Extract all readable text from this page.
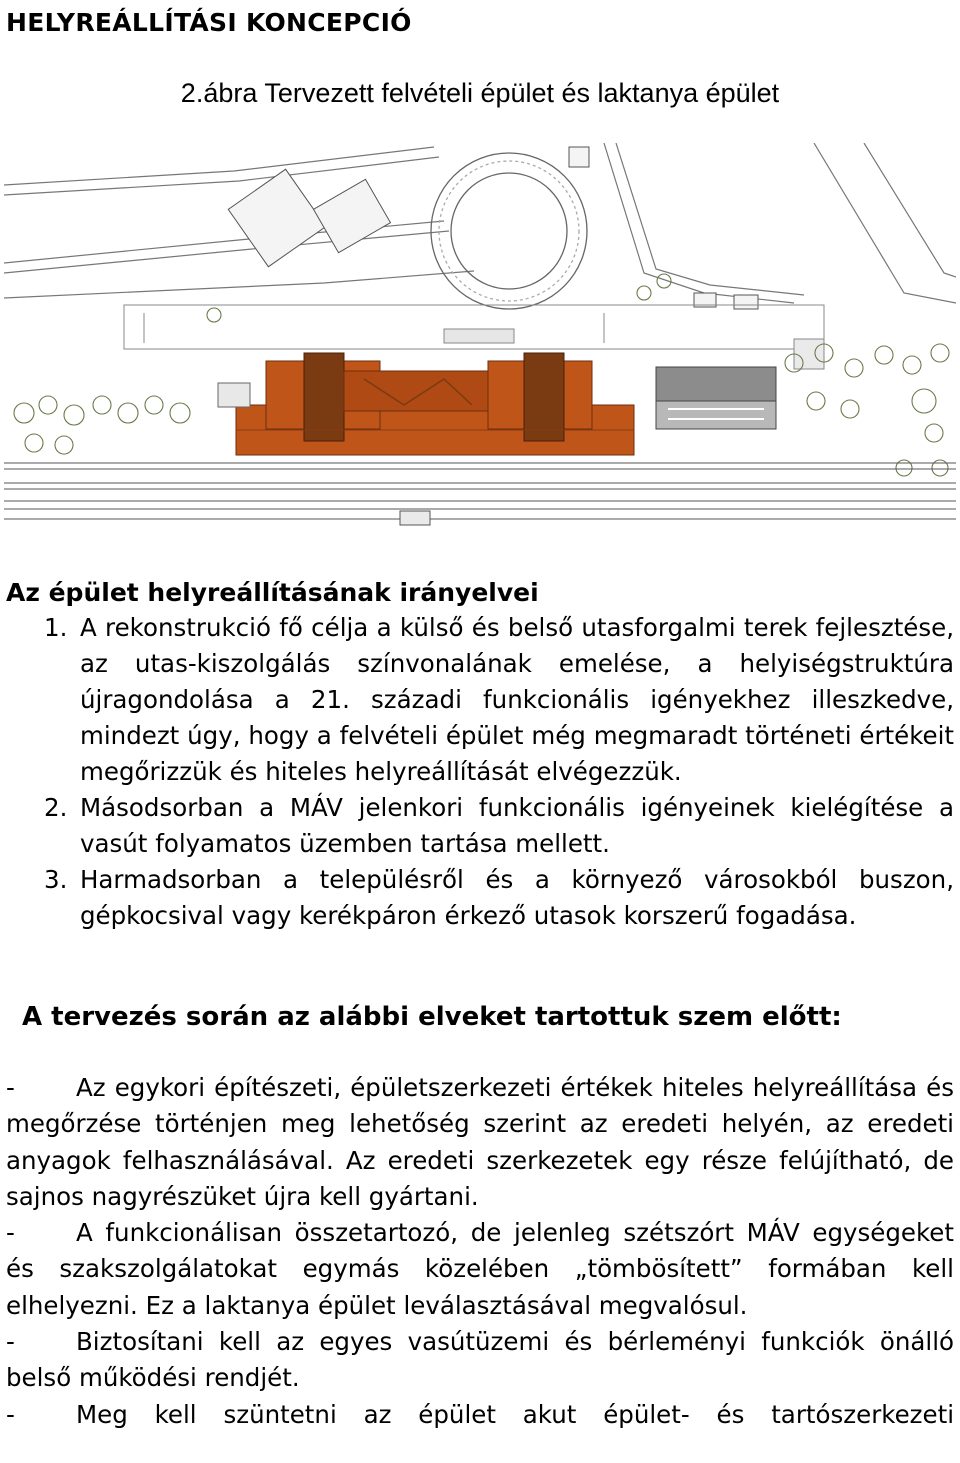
HELYREÁLLÍTÁSI KONCEPCIÓ
2.ábra Tervezett felvételi épület és laktanya épület
Az épület helyreállításának irányelvei
1. A rekonstrukció fő célja a külső és belső utasforgalmi terek fejlesztése, az utas-kiszolgálás színvonalának emelése, a helyiségstruktúra újragondolása a 21. századi funkcionális igényekhez illeszkedve, mindezt úgy, hogy a felvételi épület még megmaradt történeti értékeit megőrizzük és hiteles helyreállítását elvégezzük.
2. Másodsorban a MÁV jelenkori funkcionális igényeinek kielégítése a vasút folyamatos üzemben tartása mellett.
3. Harmadsorban a településről és a környező városokból buszon, gépkocsival vagy kerékpáron érkező utasok korszerű fogadása.
A tervezés során az alábbi elveket tartottuk szem előtt:
- Az egykori építészeti, épületszerkezeti értékek hiteles helyreállítása és megőrzése történjen meg lehetőség szerint az eredeti helyén, az eredeti anyagok felhasználásával. Az eredeti szerkezetek egy része felújítható, de sajnos nagyrészüket újra kell gyártani.
- A funkcionálisan összetartozó, de jelenleg szétszórt MÁV egységeket és szakszolgálatokat egymás közelében „tömbösített” formában kell elhelyezni. Ez a laktanya épület leválasztásával megvalósul.
- Biztosítani kell az egyes vasútüzemi és bérleményi funkciók önálló belső működési rendjét.
- Meg kell szüntetni az épület akut épület- és tartószerkezeti
